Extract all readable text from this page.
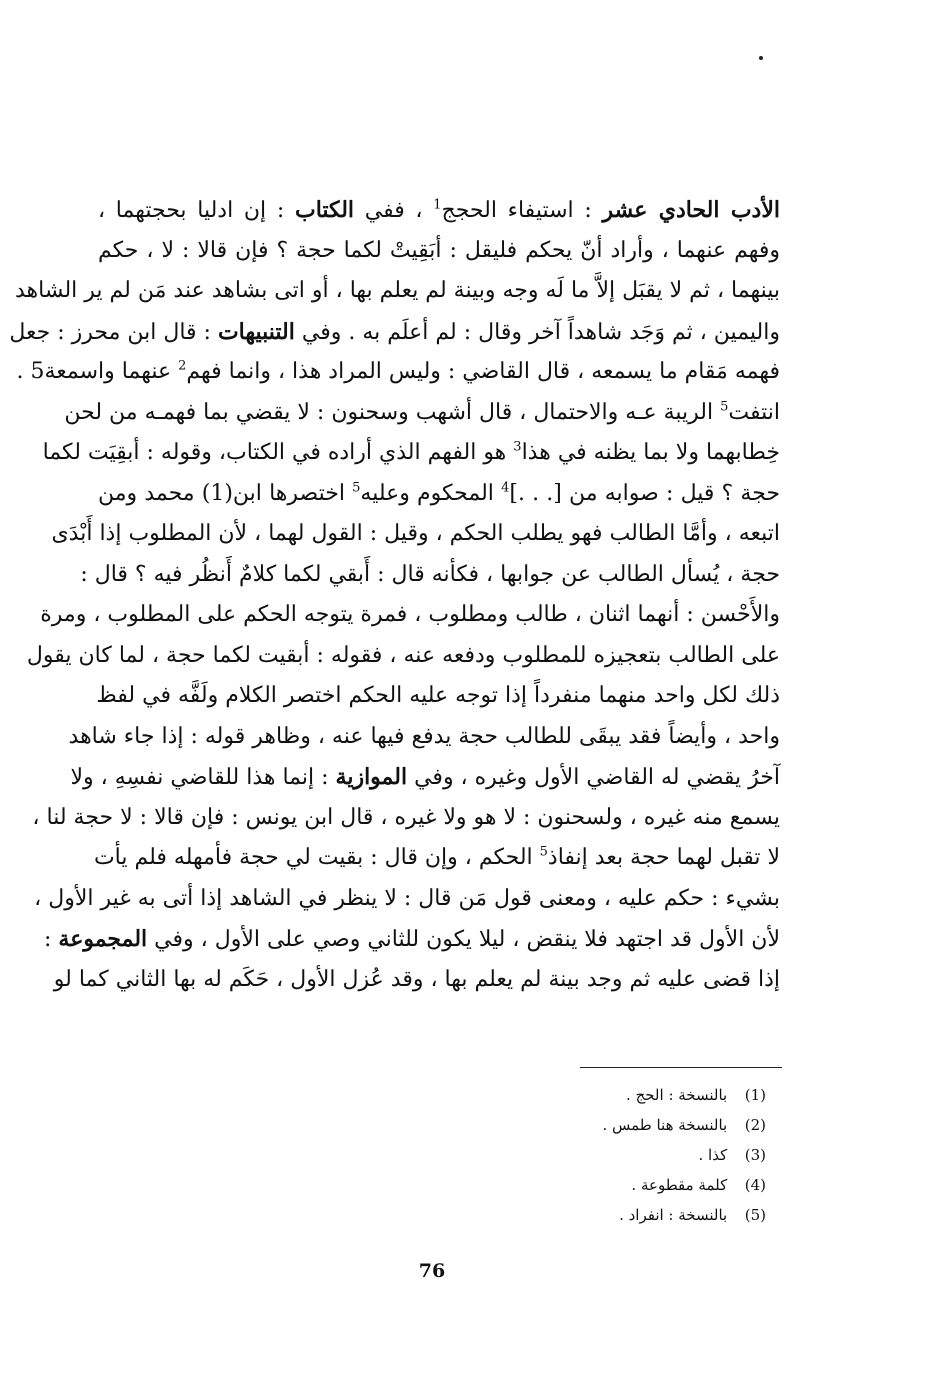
الأدب الحادي عشر : استيفاء الحجج$^1$ ، ففي الكتاب : إن ادليا بحجتهما ،
وفهم عنهما ، وأراد أنّ يحكم فليقل : أبَقِيتْ لكما حجة ؟ فإن قالا : لا ، حكم
بينهما ، ثم لا يقبَل إلاَّ ما لَه وجه وبينة لم يعلم بها ، أو اتى بشاهد عند مَن لم ير الشاهد
واليمين ، ثم وَجَد شاهداً آخر وقال : لم أعلَم به . وفي التنبيهات : قال ابن محرز : جعل
فهمه مَقام ما يسمعه ، قال القاضي : وليس المراد هذا ، وانما فهم$^2$ عنهما واسمعة5 .
انتفت$^5$ الريبة عـه والاحتمال ، قال أشهب وسحنون : لا يقضي بما فهمـه من لحن
خِطابهما ولا بما يظنه في هذا$^3$ هو الفهم الذي أراده في الكتاب، وقوله : أبقِيَت لكما
حجة ؟ قيل : صوابه من [. . .]$^4$ المحكوم وعليه$^5$ اختصرها ابن(1) محمد ومن
اتبعه ، وأمَّا الطالب فهو يطلب الحكم ، وقيل : القول لهما ، لأن المطلوب إذا أَبْدَى
حجة ، يُسأل الطالب عن جوابها ، فكأنه قال : أَبقي لكما كلامٌ أَنظُر فيه ؟ قال :
والأَحْسن : أنهما اثنان ، طالب ومطلوب ، فمرة يتوجه الحكم على المطلوب ، ومرة
على الطالب بتعجيزه للمطلوب ودفعه عنه ، فقوله : أبقيت لكما حجة ، لما كان يقول
ذلك لكل واحد منهما منفرداً إذا توجه عليه الحكم اختصر الكلام ولَفَّه في لفظ
واحد ، وأيضاً فقد يبقَى للطالب حجة يدفع فيها عنه ، وظاهر قوله : إذا جاء شاهد
آخرُ يقضي له القاضي الأول وغيره ، وفي الموازية : إنما هذا للقاضي نفسِهِ ، ولا
يسمع منه غيره ، ولسحنون : لا هو ولا غيره ، قال ابن يونس : فإن قالا : لا حجة لنا ،
لا تقبل لهما حجة بعد إنفاذ$^5$ الحكم ، وإن قال : بقيت لي حجة فأمهله فلم يأت
بشيء : حكم عليه ، ومعنى قول مَن قال : لا ينظر في الشاهد إذا أتى به غير الأول ،
لأن الأول قد اجتهد فلا ينقض ، ليلا يكون للثاني وصي على الأول ، وفي المجموعة :
إذا قضى عليه ثم وجد بينة لم يعلم بها ، وقد عُزل الأول ، حَكَم له بها الثاني كما لو
(1) بالنسخة : الحج .
(2) بالنسخة هنا طمس .
(3) كذا .
(4) كلمة مقطوعة .
(5) بالنسخة : انفراد .
76
